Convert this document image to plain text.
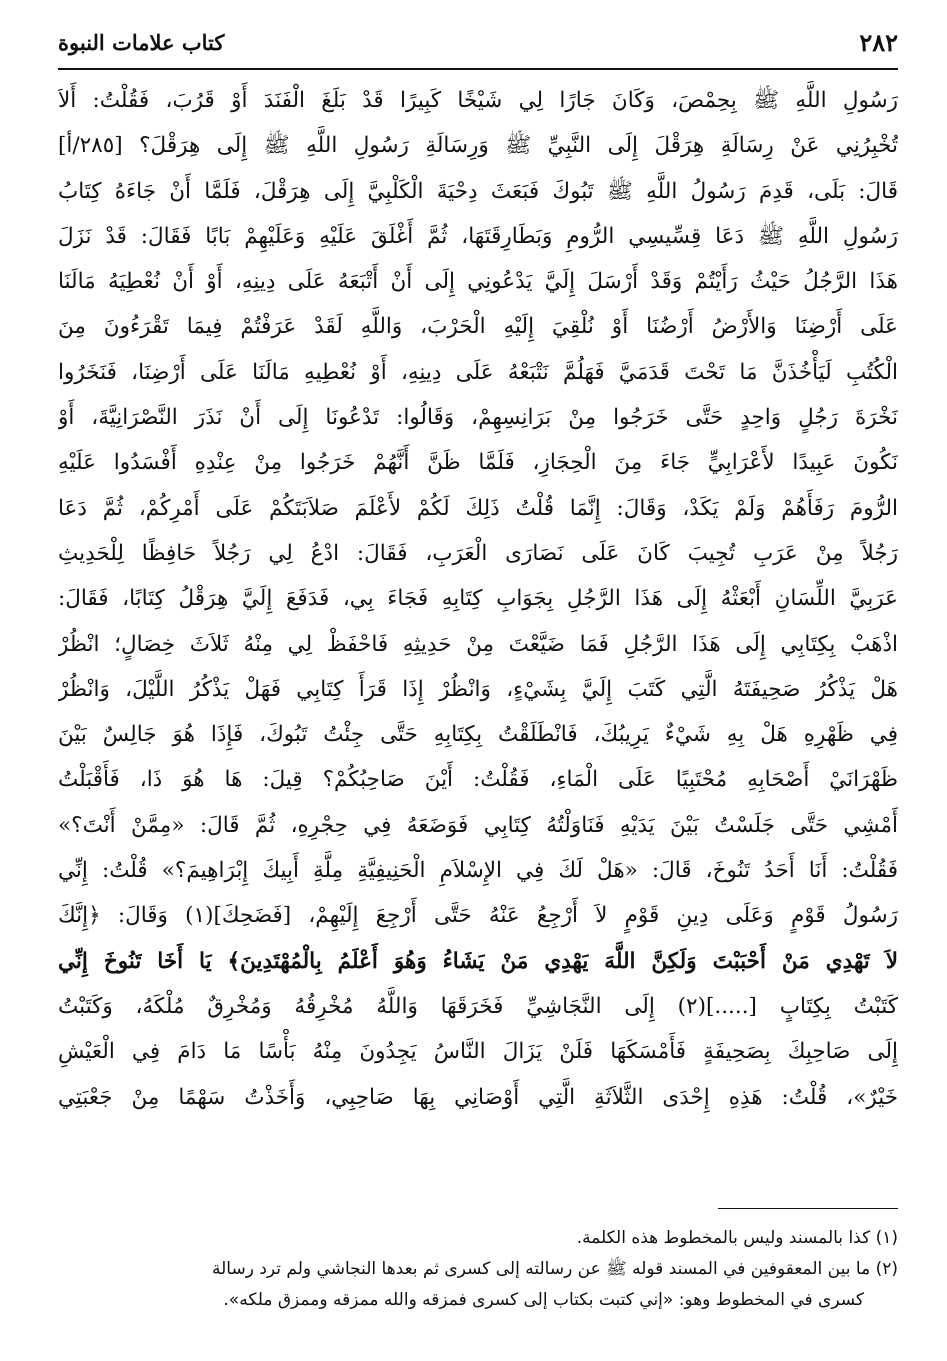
٢٨٢
كتاب علامات النبوة
رَسُولِ اللَّهِ ﷺ بِحِمْصَ، وَكَانَ جَارًا لِي شَيْخًا كَبِيرًا قَدْ بَلَغَ الْفَنَدَ أَوْ قَرُبَ، فَقُلْتُ: أَلاَ
تُخْبِرُنِي عَنْ رِسَالَةِ هِرَقْلَ إِلَى النَّبِيِّ ﷺ وَرِسَالَةِ رَسُولِ اللَّهِ ﷺ إِلَى هِرَقْلَ؟ [٢٨٥/أ]
قَالَ: بَلَى، قَدِمَ رَسُولُ اللَّهِ ﷺ تَبُوكَ فَبَعَثَ دِحْيَةَ الْكَلْبِيَّ إِلَى هِرَقْلَ، فَلَمَّا أَنْ جَاءَهُ كِتَابُ
رَسُولِ اللَّهِ ﷺ دَعَا قِسِّيسِي الرُّومِ وَبَطَارِقَتَهَا، ثُمَّ أَغْلَقَ عَلَيْهِ وَعَلَيْهِمْ بَابًا فَقَالَ: قَدْ نَزَلَ
هَذَا الرَّجُلُ حَيْثُ رَأَيْتُمْ وَقَدْ أَرْسَلَ إِلَيَّ يَدْعُونِي إِلَى أَنْ أَتْبَعَهُ عَلَى دِينِهِ، أَوْ أَنْ نُعْطِيَهُ مَالَنَا
عَلَى أَرْضِنَا وَالأَرْضُ أَرْضُنَا أَوْ نُلْقِيَ إِلَيْهِ الْحَرْبَ، وَاللَّهِ لَقَدْ عَرَفْتُمْ فِيمَا تَقْرَءُونَ مِنَ
الْكُتُبِ لَيَأْخُذَنَّ مَا تَحْتَ قَدَمَيَّ فَهَلُمَّ نَتْبَعْهُ عَلَى دِينِهِ، أَوْ نُعْطِيهِ مَالَنَا عَلَى أَرْضِنَا، فَنَخَرُوا
نَخْرَةَ رَجُلٍ وَاحِدٍ حَتَّى خَرَجُوا مِنْ بَرَانِسِهِمْ، وَقَالُوا: تَدْعُونَا إِلَى أَنْ نَذَرَ النَّصْرَانِيَّةَ، أَوْ
نَكُونَ عَبِيدًا لأَعْرَابِيٍّ جَاءَ مِنَ الْحِجَازِ، فَلَمَّا ظَنَّ أَنَّهُمْ خَرَجُوا مِنْ عِنْدِهِ أَفْسَدُوا عَلَيْهِ
الرُّومَ رَفَأَهُمْ وَلَمْ يَكَدْ، وَقَالَ: إِنَّمَا قُلْتُ ذَلِكَ لَكُمْ لأَعْلَمَ صَلاَبَتَكُمْ عَلَى أَمْرِكُمْ، ثُمَّ دَعَا
رَجُلاً مِنْ عَرَبِ تُجِيبَ كَانَ عَلَى نَصَارَى الْعَرَبِ، فَقَالَ: ادْعُ لِي رَجُلاً حَافِظًا لِلْحَدِيثِ
عَرَبِيَّ اللِّسَانِ أَبْعَثْهُ إِلَى هَذَا الرَّجُلِ بِجَوَابِ كِتَابِهِ فَجَاءَ بِي، فَدَفَعَ إِلَيَّ هِرَقْلُ كِتَابًا، فَقَالَ:
اذْهَبْ بِكِتَابِي إِلَى هَذَا الرَّجُلِ فَمَا ضَيَّعْتَ مِنْ حَدِيثِهِ فَاحْفَظْ لِي مِنْهُ ثَلاَثَ خِصَالٍ؛ انْظُرْ
هَلْ يَذْكُرُ صَحِيفَتَهُ الَّتِي كَتَبَ إِلَيَّ بِشَيْءٍ، وَانْظُرْ إِذَا قَرَأَ كِتَابِي فَهَلْ يَذْكُرُ اللَّيْلَ، وَانْظُرْ
فِي ظَهْرِهِ هَلْ بِهِ شَيْءٌ يَرِيبُكَ، فَانْطَلَقْتُ بِكِتَابِهِ حَتَّى جِئْتُ تَبُوكَ، فَإِذَا هُوَ جَالِسٌ بَيْنَ
ظَهْرَانَيْ أَصْحَابِهِ مُحْتَبِيًا عَلَى الْمَاءِ، فَقُلْتُ: أَيْنَ صَاحِبُكُمْ؟ قِيلَ: هَا هُوَ ذَا، فَأَقْبَلْتُ
أَمْشِي حَتَّى جَلَسْتُ بَيْنَ يَدَيْهِ فَنَاوَلْتُهُ كِتَابِي فَوَضَعَهُ فِي حِجْرِهِ، ثُمَّ قَالَ: «مِمَّنْ أَنْتَ؟»
فَقُلْتُ: أَنَا أَحَدُ تَنُوخَ، قَالَ: «هَلْ لَكَ فِي الإِسْلاَمِ الْحَنِيفِيَّةِ مِلَّةِ أَبِيكَ إِبْرَاهِيمَ؟» قُلْتُ: إِنِّي
رَسُولُ قَوْمٍ وَعَلَى دِينِ قَوْمٍ لاَ أَرْجِعُ عَنْهُ حَتَّى أَرْجِعَ إِلَيْهِمْ، [فَضَحِكَ](١) وَقَالَ: ﴿إِنَّكَ
لاَ تَهْدِي مَنْ أَحْبَبْتَ وَلَكِنَّ اللَّهَ يَهْدِي مَنْ يَشَاءُ وَهُوَ أَعْلَمُ بِالْمُهْتَدِينَ﴾ يَا أَخَا تَنُوخَ إِنِّي
كَتَبْتُ بِكِتَابٍ [.....](٢) إِلَى النَّجَاشِيِّ فَخَرَقَهَا وَاللَّهُ مُخْرِقُهُ وَمُخْرِقٌ مُلْكَهُ، وَكَتَبْتُ
إِلَى صَاحِبِكَ بِصَحِيفَةٍ فَأَمْسَكَهَا فَلَنْ يَزَالَ النَّاسُ يَجِدُونَ مِنْهُ بَأْسًا مَا دَامَ فِي الْعَيْشِ
خَيْرٌ»، قُلْتُ: هَذِهِ إِحْدَى الثَّلاَثَةِ الَّتِي أَوْصَانِي بِهَا صَاحِبِي، وَأَخَذْتُ سَهْمًا مِنْ جَعْبَتِي
(١) كذا بالمسند وليس بالمخطوط هذه الكلمة.
(٢) ما بين المعقوفين في المسند قوله ﷺ عن رسالته إلى كسرى ثم بعدها النجاشي ولم ترد رسالة
كسرى في المخطوط وهو: «إني كتبت بكتاب إلى كسرى فمزقه والله ممزقه وممزق ملكه».
